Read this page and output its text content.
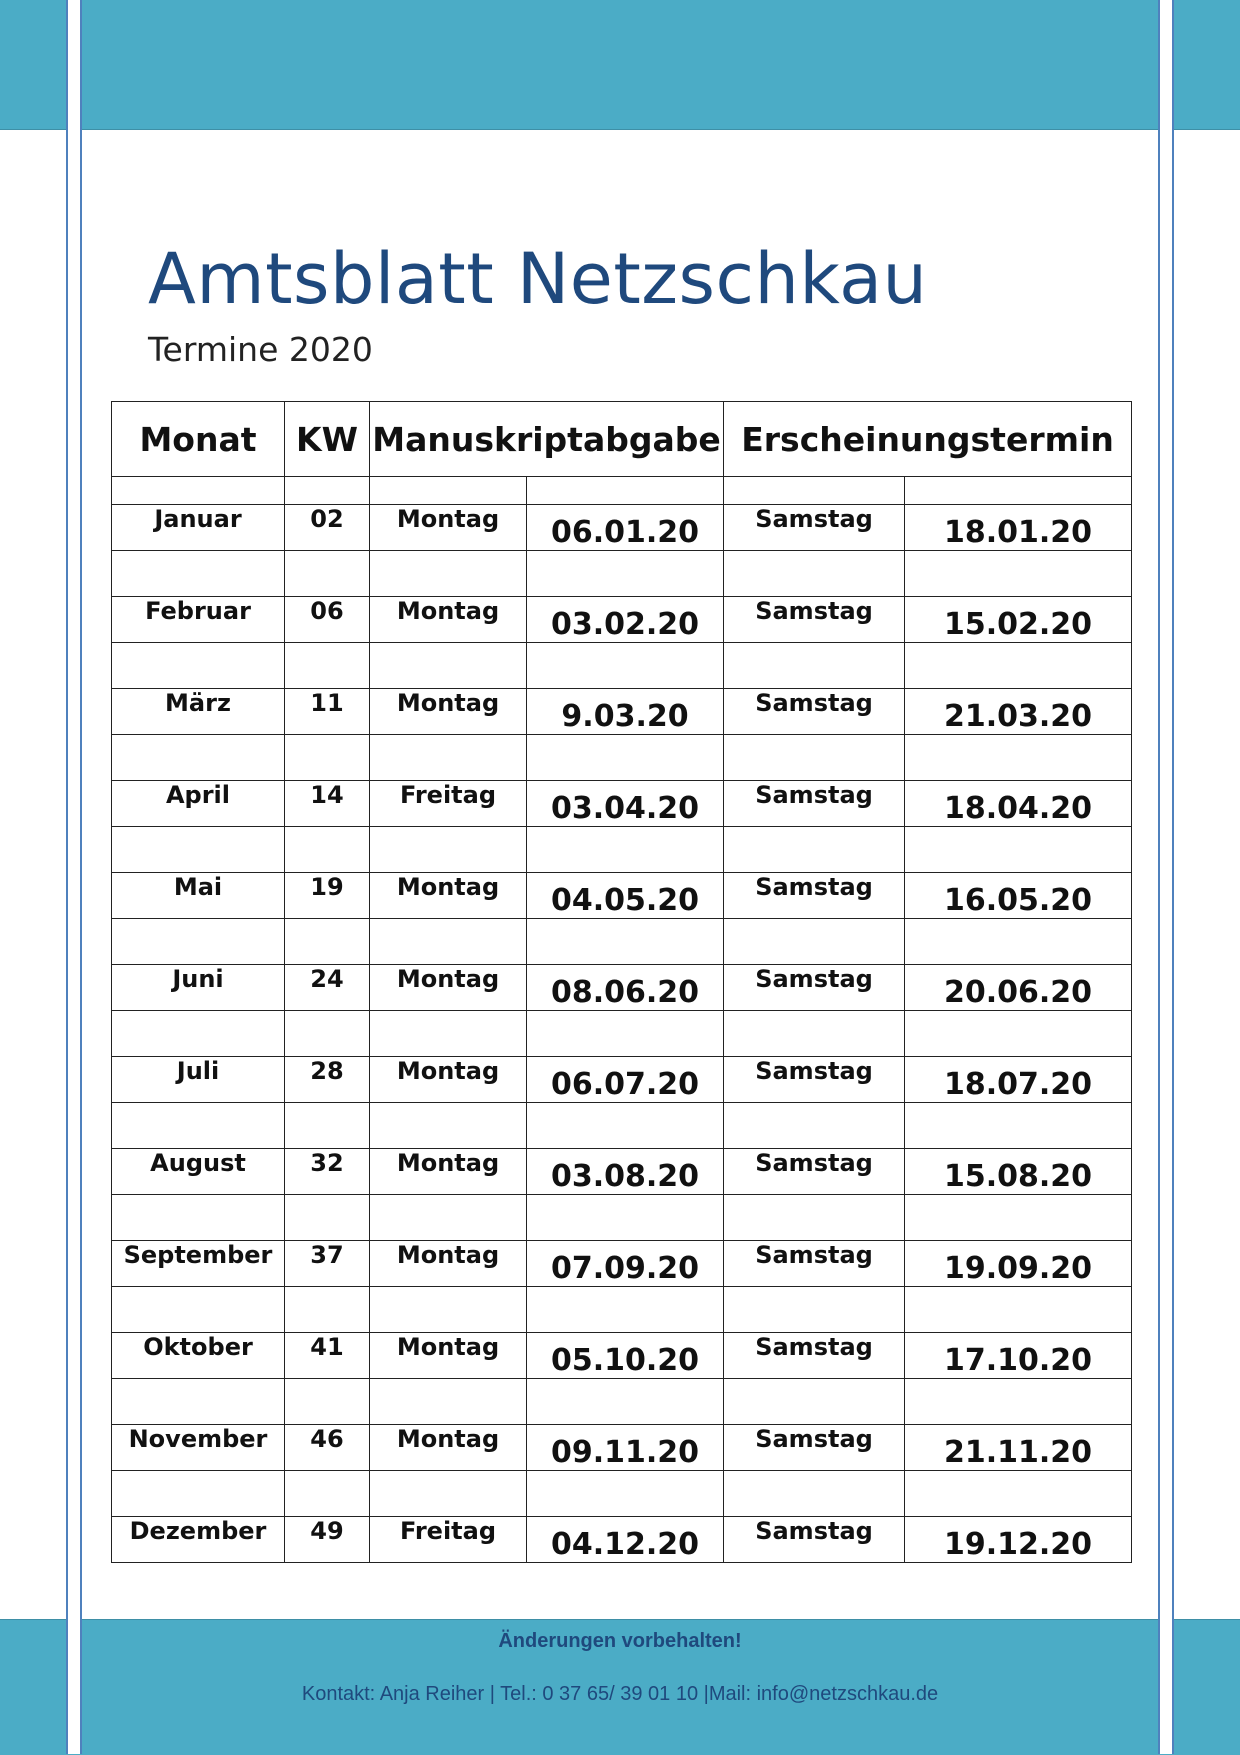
Amtsblatt Netzschkau
Termine 2020
Monat	KW	Manuskriptabgabe		Erscheinungstermin	

Januar	02	Montag	06.01.20	Samstag	18.01.20

Februar	06	Montag	03.02.20	Samstag	15.02.20

März	11	Montag	9.03.20	Samstag	21.03.20

April	14	Freitag	03.04.20	Samstag	18.04.20

Mai	19	Montag	04.05.20	Samstag	16.05.20

Juni	24	Montag	08.06.20	Samstag	20.06.20

Juli	28	Montag	06.07.20	Samstag	18.07.20

August	32	Montag	03.08.20	Samstag	15.08.20

September	37	Montag	07.09.20	Samstag	19.09.20

Oktober	41	Montag	05.10.20	Samstag	17.10.20

November	46	Montag	09.11.20	Samstag	21.11.20

Dezember	49	Freitag	04.12.20	Samstag	19.12.20
Änderungen vorbehalten!
Kontakt: Anja Reiher | Tel.: 0 37 65/ 39 01 10 |Mail: info@netzschkau.de
